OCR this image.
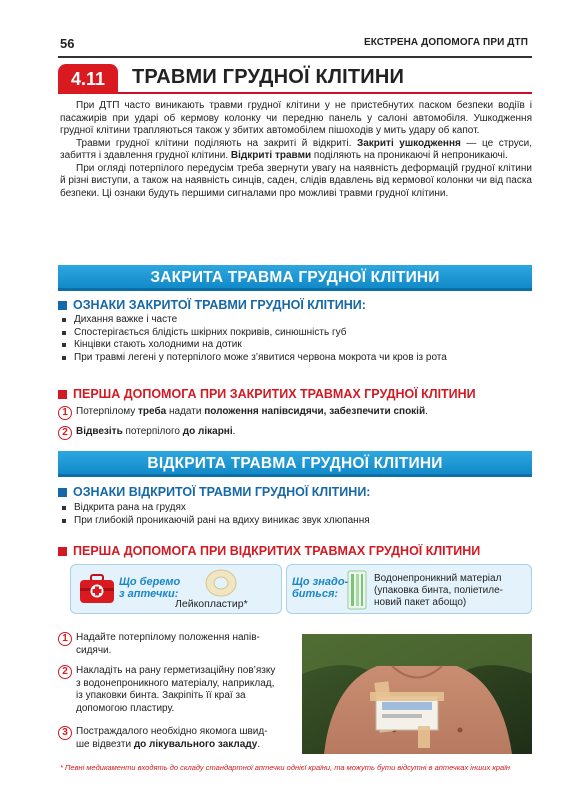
56	ЕКСТРЕНА ДОПОМОГА ПРИ ДТП
4.11	ТРАВМИ ГРУДНОЇ КЛІТИНИ

При ДТП часто виникають травми грудної клітини у не пристебнутих паском безпеки водіїв і пасажирів при ударі об кермову колонку чи передню панель у салоні автомобіля. Ушкодження грудної клітини трапляються також у збитих автомобілем пішоходів у мить удару об капот.

Травми грудної клітини поділяють на закриті й відкриті. Закриті ушкодження — це струси, забиття і здавлення грудної клітини. Відкриті травми поділяють на проникаючі й непроникаючі.

При огляді потерпілого передусім треба звернути увагу на наявність деформацій грудної клітини й різні виступи, а також на наявність синців, саден, слідів вдавлень від кермової колонки чи від паска безпеки. Ці ознаки будуть першими сигналами про можливі травми грудної клітини.

ЗАКРИТА ТРАВМА ГРУДНОЇ КЛІТИНИ
ОЗНАКИ ЗАКРИТОЇ ТРАВМИ ГРУДНОЇ КЛІТИНИ:
Дихання важке і часте
Спостерігається блідість шкірних покривів, синюшність губ
Кінцівки стають холодними на дотик
При травмі легені у потерпілого може з’явитися червона мокрота чи кров із рота
ПЕРША ДОПОМОГА ПРИ ЗАКРИТИХ ТРАВМАХ ГРУДНОЇ КЛІТИНИ
1 Потерпілому треба надати положення напівсидячи, забезпечити спокій.
2 Відвезіть потерпілого до лікарні.
ВІДКРИТА ТРАВМА ГРУДНОЇ КЛІТИНИ
ОЗНАКИ ВІДКРИТОЇ ТРАВМИ ГРУДНОЇ КЛІТИНИ:
Відкрита рана на грудях
При глибокій проникаючій рані на вдиху виникає звук хлюпання
ПЕРША ДОПОМОГА ПРИ ВІДКРИТИХ ТРАВМАХ ГРУДНОЇ КЛІТИНИ
Що беремо
з аптечки:
Лейкопластир*
Що знадо-
биться:
Водонепроникний матеріал
(упаковка бинта, поліетиле-
новий пакет абощо)
1 Надайте потерпілому положення напів-
сидячи.
2 Накладіть на рану герметизаційну пов’язку
з водонепроникного матеріалу, наприклад,
із упаковки бинта. Закріпіть її краї за
допомогою пластиру.
3 Постраждалого необхідно якомога швид-
ше відвезти до лікувального закладу.
* Певні медикаменти входять до складу стандартної аптечки однієї країни, та можуть бути відсутні в аптечках інших країн
